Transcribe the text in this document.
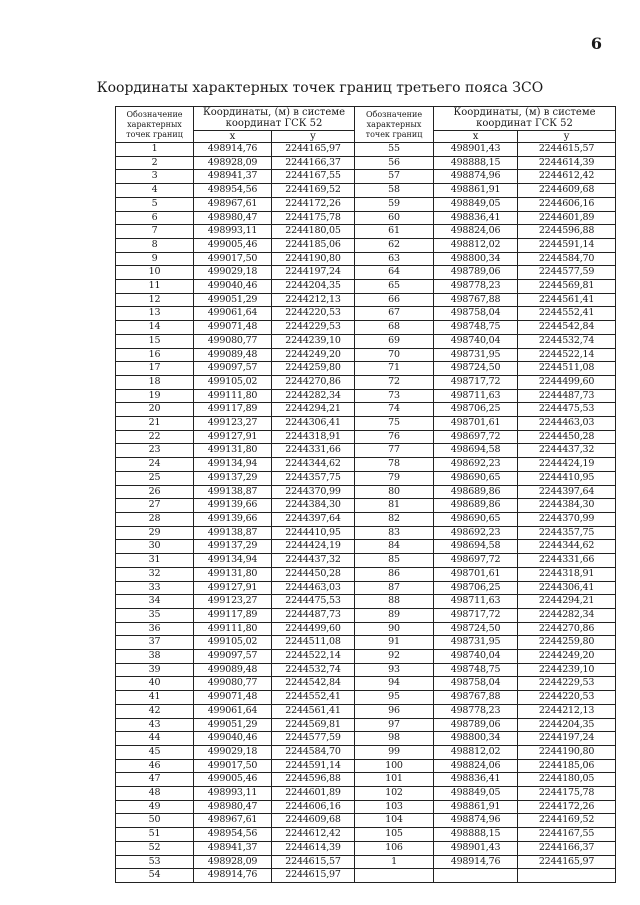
6
Координаты характерных точек границ третьего пояса ЗСО
Обозначение характерных точек границ	Координаты, (м) в системе координат ГСК 52		Обозначение характерных точек границ	Координаты, (м) в системе координат ГСК 52	
	x	y		x	y
1	498914,76	2244165,97	55	498901,43	2244615,57
2	498928,09	2244166,37	56	498888,15	2244614,39
3	498941,37	2244167,55	57	498874,96	2244612,42
4	498954,56	2244169,52	58	498861,91	2244609,68
5	498967,61	2244172,26	59	498849,05	2244606,16
6	498980,47	2244175,78	60	498836,41	2244601,89
7	498993,11	2244180,05	61	498824,06	2244596,88
8	499005,46	2244185,06	62	498812,02	2244591,14
9	499017,50	2244190,80	63	498800,34	2244584,70
10	499029,18	2244197,24	64	498789,06	2244577,59
11	499040,46	2244204,35	65	498778,23	2244569,81
12	499051,29	2244212,13	66	498767,88	2244561,41
13	499061,64	2244220,53	67	498758,04	2244552,41
14	499071,48	2244229,53	68	498748,75	2244542,84
15	499080,77	2244239,10	69	498740,04	2244532,74
16	499089,48	2244249,20	70	498731,95	2244522,14
17	499097,57	2244259,80	71	498724,50	2244511,08
18	499105,02	2244270,86	72	498717,72	2244499,60
19	499111,80	2244282,34	73	498711,63	2244487,73
20	499117,89	2244294,21	74	498706,25	2244475,53
21	499123,27	2244306,41	75	498701,61	2244463,03
22	499127,91	2244318,91	76	498697,72	2244450,28
23	499131,80	2244331,66	77	498694,58	2244437,32
24	499134,94	2244344,62	78	498692,23	2244424,19
25	499137,29	2244357,75	79	498690,65	2244410,95
26	499138,87	2244370,99	80	498689,86	2244397,64
27	499139,66	2244384,30	81	498689,86	2244384,30
28	499139,66	2244397,64	82	498690,65	2244370,99
29	499138,87	2244410,95	83	498692,23	2244357,75
30	499137,29	2244424,19	84	498694,58	2244344,62
31	499134,94	2244437,32	85	498697,72	2244331,66
32	499131,80	2244450,28	86	498701,61	2244318,91
33	499127,91	2244463,03	87	498706,25	2244306,41
34	499123,27	2244475,53	88	498711,63	2244294,21
35	499117,89	2244487,73	89	498717,72	2244282,34
36	499111,80	2244499,60	90	498724,50	2244270,86
37	499105,02	2244511,08	91	498731,95	2244259,80
38	499097,57	2244522,14	92	498740,04	2244249,20
39	499089,48	2244532,74	93	498748,75	2244239,10
40	499080,77	2244542,84	94	498758,04	2244229,53
41	499071,48	2244552,41	95	498767,88	2244220,53
42	499061,64	2244561,41	96	498778,23	2244212,13
43	499051,29	2244569,81	97	498789,06	2244204,35
44	499040,46	2244577,59	98	498800,34	2244197,24
45	499029,18	2244584,70	99	498812,02	2244190,80
46	499017,50	2244591,14	100	498824,06	2244185,06
47	499005,46	2244596,88	101	498836,41	2244180,05
48	498993,11	2244601,89	102	498849,05	2244175,78
49	498980,47	2244606,16	103	498861,91	2244172,26
50	498967,61	2244609,68	104	498874,96	2244169,52
51	498954,56	2244612,42	105	498888,15	2244167,55
52	498941,37	2244614,39	106	498901,43	2244166,37
53	498928,09	2244615,57	1	498914,76	2244165,97
54	498914,76	2244615,97			
